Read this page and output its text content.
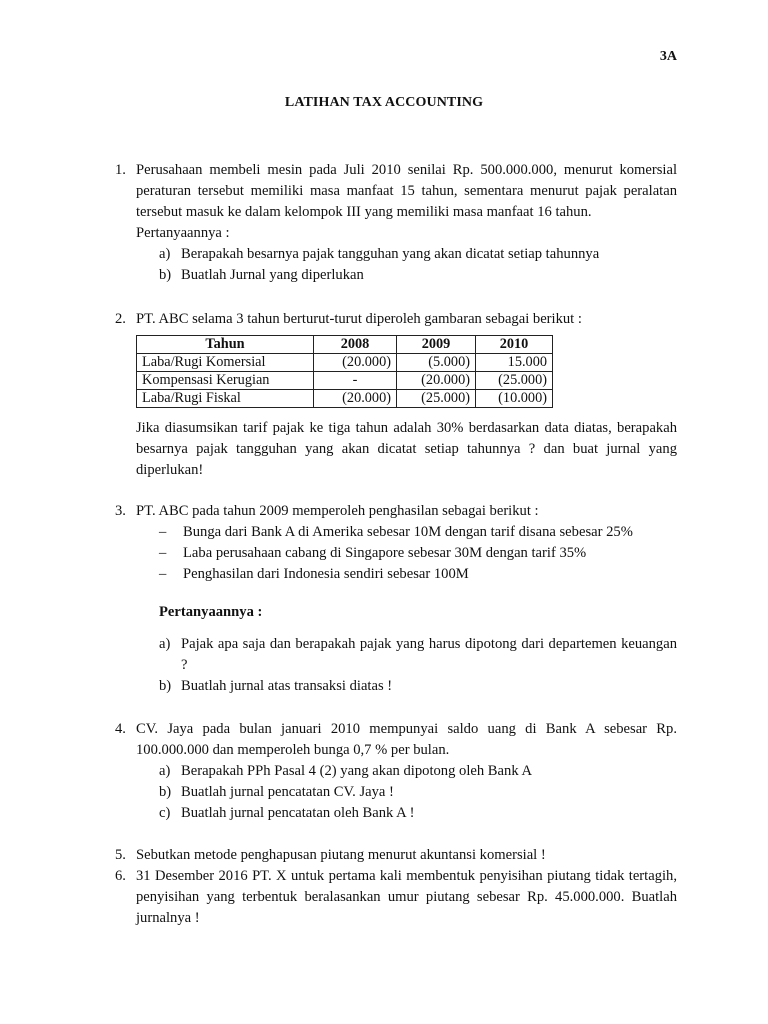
3A
LATIHAN TAX ACCOUNTING
1. Perusahaan membeli mesin pada Juli 2010 senilai Rp. 500.000.000, menurut komersial peraturan tersebut memiliki masa manfaat 15 tahun, sementara menurut pajak peralatan tersebut masuk ke dalam kelompok III yang memiliki masa manfaat 16 tahun.
Pertanyaannya :
a) Berapakah besarnya pajak tangguhan yang akan dicatat setiap tahunnya
b) Buatlah Jurnal yang diperlukan
2. PT. ABC selama 3 tahun berturut-turut diperoleh gambaran sebagai berikut :
Tahun	2008	2009	2010
Laba/Rugi Komersial	(20.000)	(5.000)	15.000
Kompensasi Kerugian	-	(20.000)	(25.000)
Laba/Rugi Fiskal	(20.000)	(25.000)	(10.000)
Jika diasumsikan tarif pajak ke tiga tahun adalah 30% berdasarkan data diatas, berapakah besarnya pajak tangguhan yang akan dicatat setiap tahunnya ? dan buat jurnal yang diperlukan!
3. PT. ABC pada tahun 2009 memperoleh penghasilan sebagai berikut :
– Bunga dari Bank A di Amerika sebesar 10M dengan tarif disana sebesar 25%
– Laba perusahaan cabang di Singapore sebesar 30M dengan tarif 35%
– Penghasilan dari Indonesia sendiri sebesar 100M
Pertanyaannya :
a) Pajak apa saja dan berapakah pajak yang harus dipotong dari departemen keuangan ?
b) Buatlah jurnal atas transaksi diatas !
4. CV. Jaya pada bulan januari 2010 mempunyai saldo uang di Bank A sebesar Rp. 100.000.000 dan memperoleh bunga 0,7 % per bulan.
a) Berapakah PPh Pasal 4 (2) yang akan dipotong oleh Bank A
b) Buatlah jurnal pencatatan CV. Jaya !
c) Buatlah jurnal pencatatan oleh Bank A !
5. Sebutkan metode penghapusan piutang menurut akuntansi komersial !
6. 31 Desember 2016 PT. X untuk pertama kali membentuk penyisihan piutang tidak tertagih, penyisihan yang terbentuk beralasankan umur piutang sebesar Rp. 45.000.000. Buatlah jurnalnya !
